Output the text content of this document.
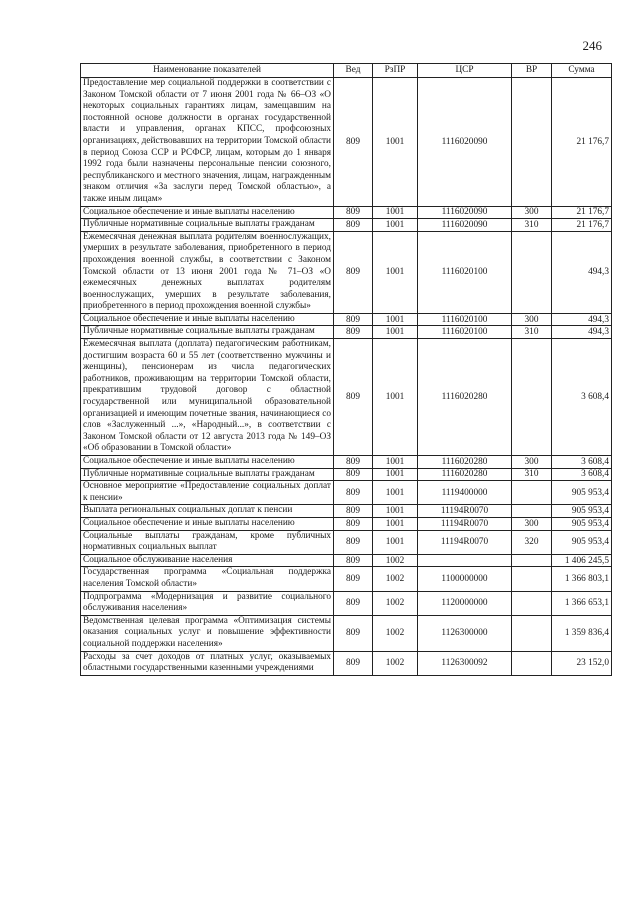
246
Наименование показателей	Вед	РзПР	ЦСР	ВР	Сумма
Предоставление мер социальной поддержки в соответствии с Законом Томской области от 7 июня 2001 года № 66–ОЗ «О некоторых социальных гарантиях лицам, замещавшим на постоянной основе должности в органах государственной власти и управления, органах КПСС, профсоюзных организациях, действовавших на территории Томской области в период Союза ССР и РСФСР, лицам, которым до 1 января 1992 года были назначены персональные пенсии союзного, республиканского и местного значения, лицам, награжденным знаком отличия «За заслуги перед Томской областью», а также иным лицам»	809	1001	1116020090		21 176,7
Социальное обеспечение и иные выплаты населению	809	1001	1116020090	300	21 176,7
Публичные нормативные социальные выплаты гражданам	809	1001	1116020090	310	21 176,7
Ежемесячная денежная выплата родителям военнослужащих, умерших в результате заболевания, приобретенного в период прохождения военной службы, в соответствии с Законом Томской области от 13 июня 2001 года № 71–ОЗ «О ежемесячных денежных выплатах родителям военнослужащих, умерших в результате заболевания, приобретенного в период прохождения военной службы»	809	1001	1116020100		494,3
Социальное обеспечение и иные выплаты населению	809	1001	1116020100	300	494,3
Публичные нормативные социальные выплаты гражданам	809	1001	1116020100	310	494,3
Ежемесячная выплата (доплата) педагогическим работникам, достигшим возраста 60 и 55 лет (соответственно мужчины и женщины), пенсионерам из числа педагогических работников, проживающим на территории Томской области, прекратившим трудовой договор с областной государственной или муниципальной образовательной организацией и имеющим почетные звания, начинающиеся со слов «Заслуженный ...», «Народный...», в соответствии с Законом Томской области от 12 августа 2013 года № 149–ОЗ «Об образовании в Томской области»	809	1001	1116020280		3 608,4
Социальное обеспечение и иные выплаты населению	809	1001	1116020280	300	3 608,4
Публичные нормативные социальные выплаты гражданам	809	1001	1116020280	310	3 608,4
Основное мероприятие «Предоставление социальных доплат к пенсии»	809	1001	1119400000		905 953,4
Выплата региональных социальных доплат к пенсии	809	1001	11194R0070		905 953,4
Социальное обеспечение и иные выплаты населению	809	1001	11194R0070	300	905 953,4
Социальные выплаты гражданам, кроме публичных нормативных социальных выплат	809	1001	11194R0070	320	905 953,4
Социальное обслуживание населения	809	1002			1 406 245,5
Государственная программа «Социальная поддержка населения Томской области»	809	1002	1100000000		1 366 803,1
Подпрограмма «Модернизация и развитие социального обслуживания населения»	809	1002	1120000000		1 366 653,1
Ведомственная целевая программа «Оптимизация системы оказания социальных услуг и повышение эффективности социальной поддержки населения»	809	1002	1126300000		1 359 836,4
Расходы за счет доходов от платных услуг, оказываемых областными государственными казенными учреждениями	809	1002	1126300092		23 152,0
